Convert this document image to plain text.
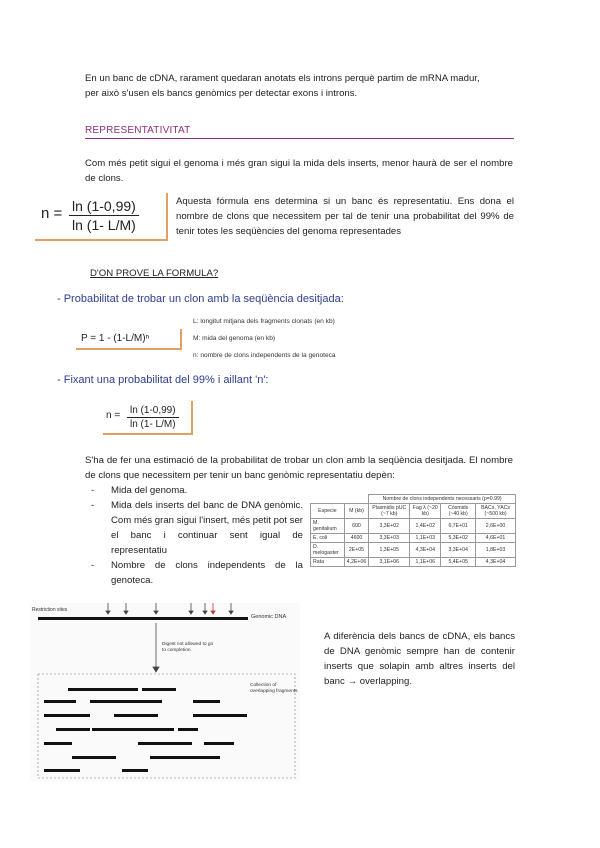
En un banc de cDNA, rarament quedaran anotats els introns perquè partim de mRNA madur, per això s'usen els bancs genòmics per detectar exons i introns.
REPRESENTATIVITAT
Com més petit sigui el genoma i més gran sigui la mida dels inserts, menor haurà de ser el nombre de clons.
$n = \frac{\ln (1-0,99)}{\ln (1- L/M)}$	Aquesta fórmula ens determina si un banc és representatiu. Ens dona el nombre de clons que necessitem per tal de tenir una probabilitat del 99% de tenir totes les seqüències del genoma representades
D'ON PROVE LA FORMULA?
- Probabilitat de trobar un clon amb la seqüència desitjada:
P = 1 - (1-L/M)ⁿ
L: longitut mitjana dels fragments clonats (en kb)
M: mida del genoma (en kb)
n: nombre de clons independents de la genoteca
- Fixant una probabilitat del 99% i aillant 'n':
$n = \frac{\ln (1-0,99)}{\ln (1- L/M)}$
S'ha de fer una estimació de la probabilitat de trobar un clon amb la seqüència desitjada. El nombre de clons que necessitem per tenir un banc genòmic representatiu depèn:
- Mida del genoma.
- Mida dels inserts del banc de DNA genòmic. Com més gran sigui l'insert, més petit pot ser el banc i continuar sent igual de representatiu
- Nombre de clons independents de la genoteca.
		Nombre de clons independents necessaris (p=0.99)			
Especie	M (kb)	Plasmidis pUC (~7 kb)	Fag λ (~20 kb)	Cósmids (~40 kb)	BACs, YACs (~500 kb)
M. genitalium	600	3,3E+02	1,4E+02	6,7E+01	2,6E+00
E. coli	4600	3,3E+03	1,1E+03	5,3E+02	4,6E+01
D. melogaster	2E+05	1,3E+05	4,3E+04	3,3E+04	1,8E+03
Rata	4,2E+06	3,1E+06	1,1E+06	5,4E+05	4,3E+04
Restriction sites
Genomic DNA
Digest not allowed to go to completion
Collection of overlapping fragments
A diferència dels bancs de cDNA, els bancs de DNA genòmic sempre han de contenir inserts que solapin amb altres inserts del banc → overlapping.
